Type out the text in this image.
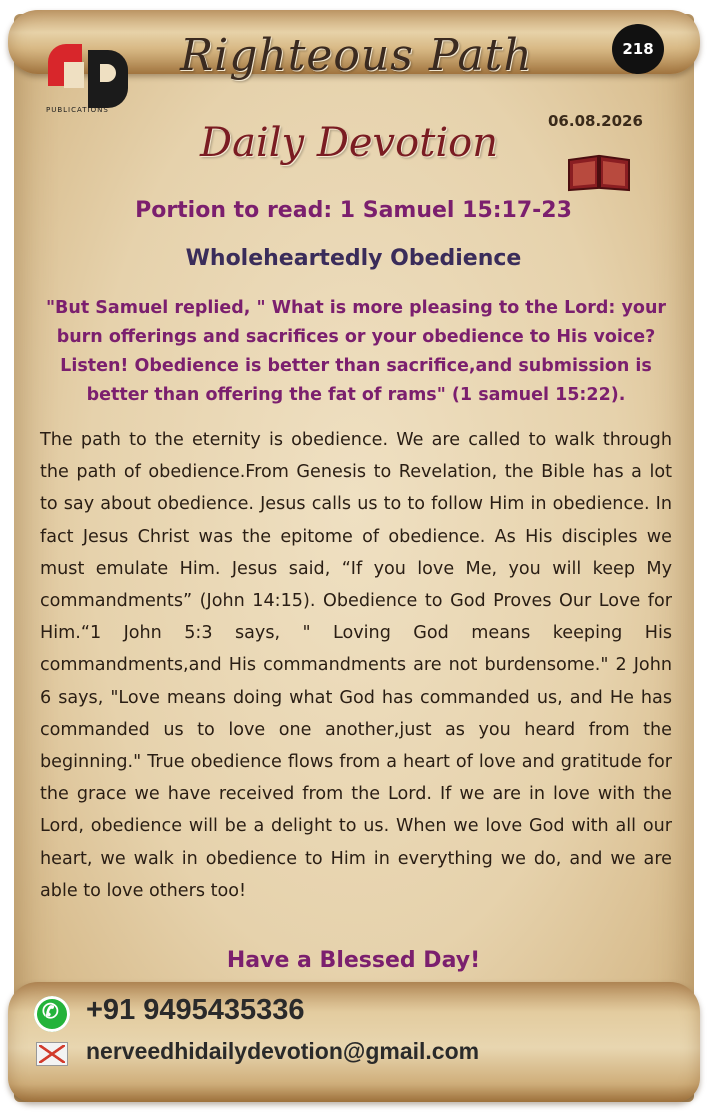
PUBLICATIONS
Righteous Path	218
06.08.2026
Daily Devotion
Portion to read: 1 Samuel 15:17-23
Wholeheartedly Obedience
"But Samuel replied, " What is more pleasing to the Lord: your burn offerings and sacrifices or your obedience to His voice? Listen! Obedience is better than sacrifice,and submission is better than offering the fat of rams" (1 samuel 15:22).
The path to the eternity is obedience. We are called to walk through the path of obedience.From Genesis to Revelation, the Bible has a lot to say about obedience. Jesus calls us to to follow Him in obedience. In fact Jesus Christ was the epitome of obedience. As His disciples we must emulate Him. Jesus said, “If you love Me, you will keep My commandments” (John 14:15). Obedience to God Proves Our Love for Him.“1 John 5:3 says, " Loving God means keeping His commandments,and His commandments are not burdensome." 2 John 6 says, "Love means doing what God has commanded us, and He has commanded us to love one another,just as you heard from the beginning." True obedience flows from a heart of love and gratitude for the grace we have received from the Lord. If we are in love with the Lord, obedience will be a delight to us. When we love God with all our heart, we walk in obedience to Him in everything we do, and we are able to love others too!
Have a Blessed Day!
✆
+91 9495435336
nerveedhidailydevotion@gmail.com
